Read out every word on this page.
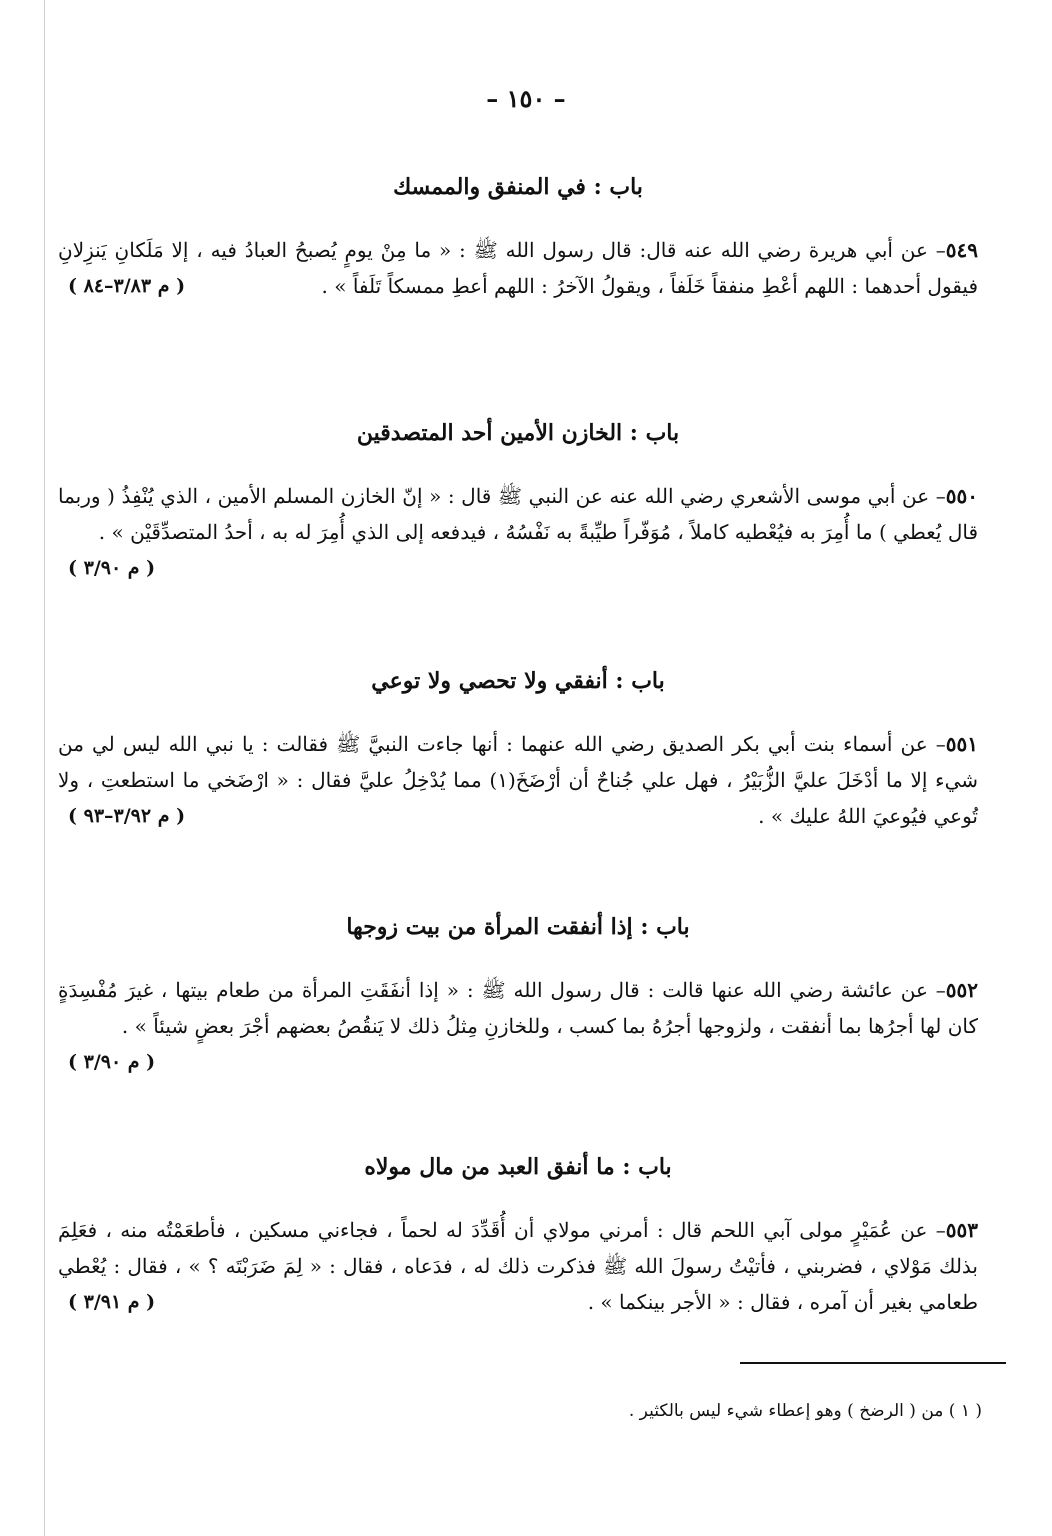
– ١٥٠ –
باب : في المنفق والممسك

٥٤٩– عن أبي هريرة رضي الله عنه قال: قال رسول الله ﷺ : « ما مِنْ يومٍ يُصبحُ العبادُ فيه ، إلا مَلَكانِ يَنزِلانِ فيقول أحدهما : اللهم أعْطِ منفقاً خَلَفاً ، ويقولُ الآخرُ : اللهم أعطِ ممسكاً تَلَفاً » .
( م ٣/٨٣–٨٤ )

باب : الخازن الأمين أحد المتصدقين

٥٥٠– عن أبي موسى الأشعري رضي الله عنه عن النبي ﷺ قال : « إنّ الخازن المسلم الأمين ، الذي يُنْفِذُ ( وربما قال يُعطي ) ما أُمِرَ به فيُعْطيه كاملاً ، مُوَفّراً طيِّبةً به نَفْسُهُ ، فيدفعه إلى الذي أُمِرَ له به ، أحدُ المتصدِّقَيْن » .
( م ٣/٩٠ )

باب : أنفقي ولا تحصي ولا توعي

٥٥١– عن أسماء بنت أبي بكر الصديق رضي الله عنهما : أنها جاءت النبيَّ ﷺ فقالت : يا نبي الله ليس لي من شيء إلا ما أدْخَلَ عليَّ الزُّبَيْرُ ، فهل علي جُناحٌ أن أرْضَخَ(١) مما يُدْخِلُ عليَّ فقال : « ارْضَخي ما استطعتِ ، ولا تُوعي فيُوعيَ اللهُ عليك » .
( م ٣/٩٢–٩٣ )

باب : إذا أنفقت المرأة من بيت زوجها

٥٥٢– عن عائشة رضي الله عنها قالت : قال رسول الله ﷺ : « إذا أنفَقَتِ المرأة من طعام بيتها ، غيرَ مُفْسِدَةٍ كان لها أجرُها بما أنفقت ، ولزوجها أجرُهُ بما كسب ، وللخازنِ مِثلُ ذلك لا يَنقُصُ بعضهم أجْرَ بعضٍ شيئاً » .
( م ٣/٩٠ )

باب : ما أنفق العبد من مال مولاه

٥٥٣– عن عُمَيْرٍ مولى آبي اللحم قال : أمرني مولاي أن أُقَدِّدَ له لحماً ، فجاءني مسكين ، فأطعَمْتُه منه ، فعَلِمَ بذلك مَوْلاي ، فضربني ، فأتيْتُ رسولَ الله ﷺ فذكرت ذلك له ، فدَعاه ، فقال : « لِمَ ضَرَبْتَه ؟ » ، فقال : يُعْطي طعامي بغير أن آمره ، فقال : « الأجر بينكما » .
( م ٣/٩١ )

( ١ ) من ( الرضخ ) وهو إعطاء شيء ليس بالكثير .
